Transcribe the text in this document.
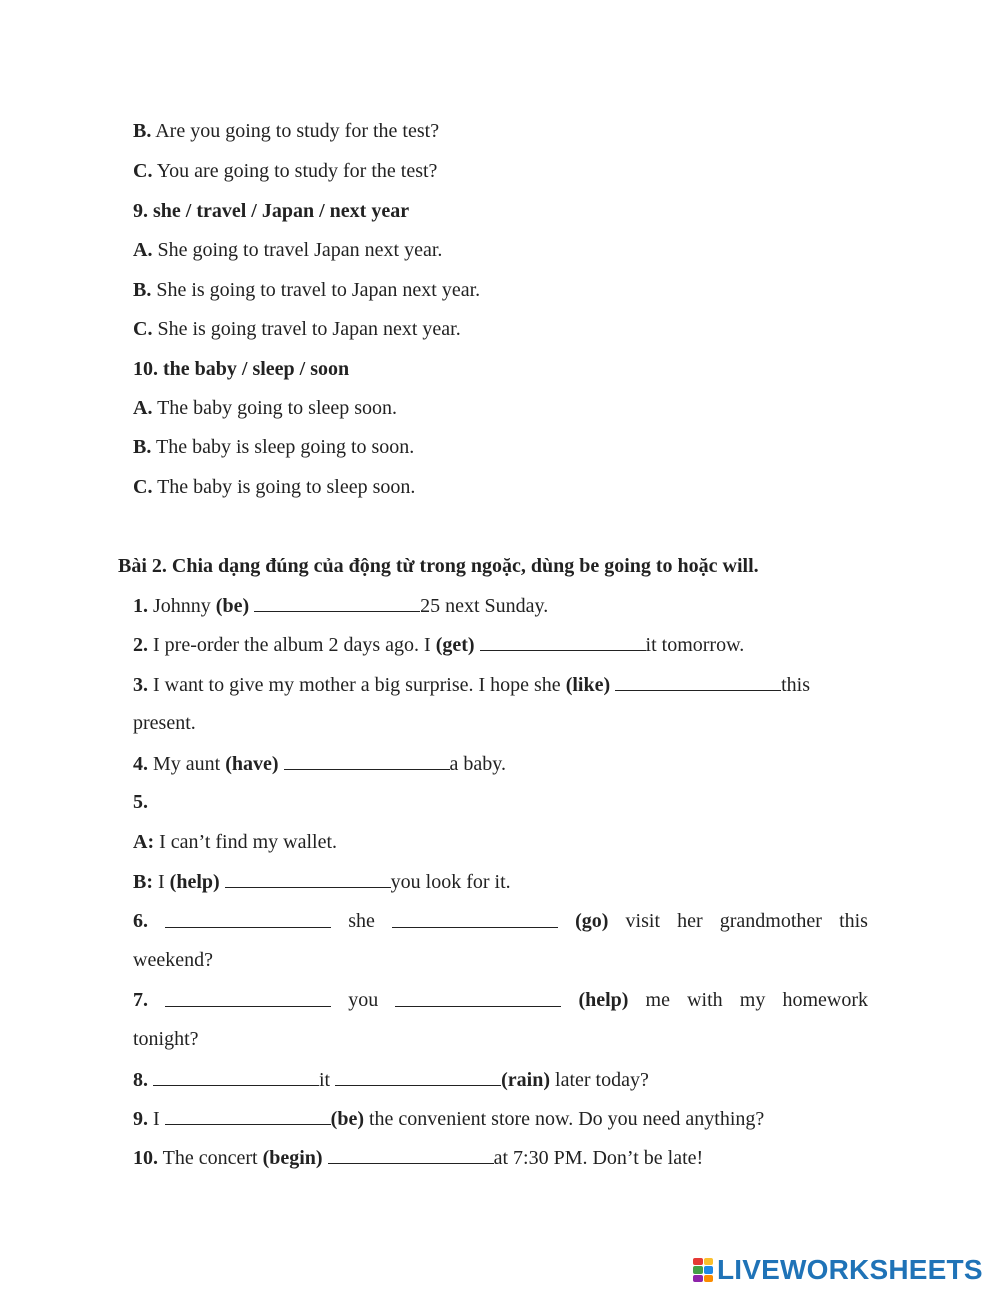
B. Are you going to study for the test?
C. You are going to study for the test?
9. she / travel / Japan / next year
A. She going to travel Japan next year.
B. She is going to travel to Japan next year.
C. She is going travel to Japan next year.
10. the baby / sleep / soon
A. The baby going to sleep soon.
B. The baby is sleep going to soon.
C. The baby is going to sleep soon.
Bài 2. Chia dạng đúng của động từ trong ngoặc, dùng be going to hoặc will.
1. Johnny (be)	25 next Sunday.
2. I pre-order the album 2 days ago. I (get)	it tomorrow.
3. I want to give my mother a big surprise. I hope she (like)	this
present.
4. My aunt (have)	a baby.
5.
A: I can’t find my wallet.
B: I (help)	you look for it.
6.	she	(go) visit her grandmother this
weekend?
7.	you	(help) me with my homework
tonight?
8.	it	(rain) later today?
9. I	(be) the convenient store now. Do you need anything?
10. The concert (begin)	at 7:30 PM. Don’t be late!
LIVEWORKSHEETS
